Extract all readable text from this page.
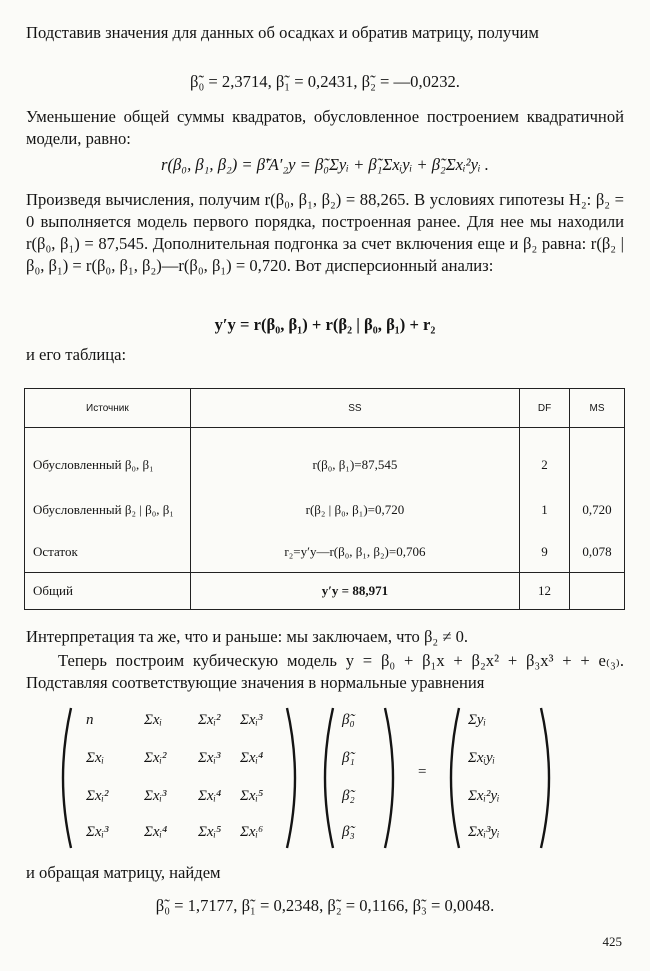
Подставив значения для данных об осадках и обратив матрицу, получим

β̃₀ = 2,3714, β̃₁ = 0,2431, β̃₂ = —0,0232.

Уменьшение общей суммы квадратов, обусловленное построением квадратичной модели, равно:

r(β₀, β₁, β₂) = β̃′A′₂y = β̃₀Σyᵢ + β̃₁Σxᵢyᵢ + β̃₂Σxᵢ²yᵢ .

Произведя вычисления, получим r(β₀, β₁, β₂) = 88,265. В условиях гипотезы H₂: β₂ = 0 выполняется модель первого порядка, построенная ранее. Для нее мы находили r(β₀, β₁) = 87,545. Дополнительная подгонка за счет включения еще и β₂ равна: r(β₂ | β₀, β₁) = r(β₀, β₁, β₂)—r(β₀, β₁) = 0,720. Вот дисперсионный анализ:

y′y = r(β₀, β₁) + r(β₂ | β₀, β₁) + r₂

и его таблица:

Источник	SS	DF	MS
Обусловленный β₀, β₁	r(β₀, β₁)=87,545	2	
Обусловленный β₂ | β₀, β₁	r(β₂ | β₀, β₁)=0,720	1	0,720
Остаток	r₂=y′y—r(β₀, β₁, β₂)=0,706	9	0,078
Общий	y′y = 88,971	12	

Интерпретация та же, что и раньше: мы заключаем, что β₂ ≠ 0.

Теперь построим кубическую модель y = β₀ + β₁x + β₂x² + β₃x³ + + e₍₃₎. Подставляя соответствующие значения в нормальные уравнения

n	Σxᵢ Σxᵢ² Σxᵢ³
Σxᵢ	Σxᵢ² Σxᵢ³ Σxᵢ⁴
Σxᵢ² Σxᵢ³ Σxᵢ⁴ Σxᵢ⁵
Σxᵢ³ Σxᵢ⁴ Σxᵢ⁵ Σxᵢ⁶
β̃₀
β̃₁
β̃₂
β̃₃
=
Σyᵢ
Σxᵢyᵢ
Σxᵢ²yᵢ
Σxᵢ³yᵢ

и обращая матрицу, найдем

β̃₀ = 1,7177, β̃₁ = 0,2348, β̃₂ = 0,1166, β̃₃ = 0,0048.
425
